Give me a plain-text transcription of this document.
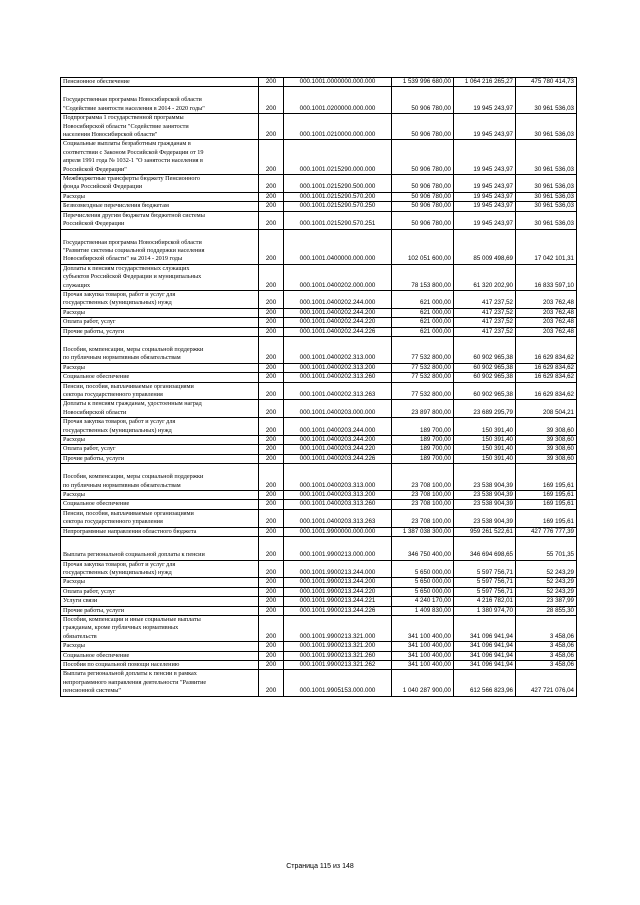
Пенсионное обеспечение	200	000.1001.0000000.000.000	1 539 996 680,00	1 064 216 265,27	475 780 414,73
Государственная программа Новосибирской области
"Содействие занятости населения в 2014 - 2020 годы"	200	000.1001.0200000.000.000	50 906 780,00	19 945 243,97	30 961 536,03
Подпрограмма 1 государственной программы
Новосибирской области "Содействие занятости
населения Новосибирской области"	200	000.1001.0210000.000.000	50 906 780,00	19 945 243,97	30 961 536,03
Социальные выплаты безработным гражданам в
соответствии с Законом Российской Федерации от 19
апреля 1991 года № 1032-1 "О занятости населения в
Российской Федерации"	200	000.1001.0215290.000.000	50 906 780,00	19 945 243,97	30 961 536,03
Межбюджетные трансферты бюджету Пенсионного
фонда Российской Федерации	200	000.1001.0215290.500.000	50 906 780,00	19 945 243,97	30 961 536,03
Расходы	200	000.1001.0215290.570.200	50 906 780,00	19 945 243,97	30 961 536,03
Безвозмездные перечисления бюджетам	200	000.1001.0215290.570.250	50 906 780,00	19 945 243,97	30 961 536,03
Перечисления другим бюджетам бюджетной системы
Российской Федерации	200	000.1001.0215290.570.251	50 906 780,00	19 945 243,97	30 961 536,03
Государственная программа Новосибирской области
"Развитие системы социальной поддержки населения
Новосибирской области" на 2014 - 2019 годы	200	000.1001.0400000.000.000	102 051 600,00	85 009 498,69	17 042 101,31
Доплаты к пенсиям государственных служащих
субъектов Российской Федерации и муниципальных
служащих	200	000.1001.0400202.000.000	78 153 800,00	61 320 202,90	16 833 597,10
Прочая закупка товаров, работ и услуг для
государственных (муниципальных) нужд	200	000.1001.0400202.244.000	621 000,00	417 237,52	203 762,48
Расходы	200	000.1001.0400202.244.200	621 000,00	417 237,52	203 762,48
Оплата работ, услуг	200	000.1001.0400202.244.220	621 000,00	417 237,52	203 762,48
Прочие работы, услуги	200	000.1001.0400202.244.226	621 000,00	417 237,52	203 762,48
Пособия, компенсации, меры социальной поддержки
по публичным нормативным обязательствам	200	000.1001.0400202.313.000	77 532 800,00	60 902 965,38	16 629 834,62
Расходы	200	000.1001.0400202.313.200	77 532 800,00	60 902 965,38	16 629 834,62
Социальное обеспечение	200	000.1001.0400202.313.260	77 532 800,00	60 902 965,38	16 629 834,62
Пенсии, пособия, выплачиваемые организациями
сектора государственного управления	200	000.1001.0400202.313.263	77 532 800,00	60 902 965,38	16 629 834,62
Доплаты к пенсиям гражданам, удостоенным наград
Новосибирской области	200	000.1001.0400203.000.000	23 897 800,00	23 689 295,79	208 504,21
Прочая закупка товаров, работ и услуг для
государственных (муниципальных) нужд	200	000.1001.0400203.244.000	189 700,00	150 391,40	39 308,60
Расходы	200	000.1001.0400203.244.200	189 700,00	150 391,40	39 308,60
Оплата работ, услуг	200	000.1001.0400203.244.220	189 700,00	150 391,40	39 308,60
Прочие работы, услуги	200	000.1001.0400203.244.226	189 700,00	150 391,40	39 308,60
Пособия, компенсации, меры социальной поддержки
по публичным нормативным обязательствам	200	000.1001.0400203.313.000	23 708 100,00	23 538 904,39	169 195,61
Расходы	200	000.1001.0400203.313.200	23 708 100,00	23 538 904,39	169 195,61
Социальное обеспечение	200	000.1001.0400203.313.260	23 708 100,00	23 538 904,39	169 195,61
Пенсии, пособия, выплачиваемые организациями
сектора государственного управления	200	000.1001.0400203.313.263	23 708 100,00	23 538 904,39	169 195,61
Непрограммные направления областного бюджета	200	000.1001.9900000.000.000	1 387 038 300,00	959 261 522,61	427 776 777,39
Выплата региональной социальной доплаты к пенсии	200	000.1001.9900213.000.000	346 750 400,00	346 694 698,65	55 701,35
Прочая закупка товаров, работ и услуг для
государственных (муниципальных) нужд	200	000.1001.9900213.244.000	5 650 000,00	5 597 756,71	52 243,29
Расходы	200	000.1001.9900213.244.200	5 650 000,00	5 597 756,71	52 243,29
Оплата работ, услуг	200	000.1001.9900213.244.220	5 650 000,00	5 597 756,71	52 243,29
Услуги связи	200	000.1001.9900213.244.221	4 240 170,00	4 216 782,01	23 387,99
Прочие работы, услуги	200	000.1001.9900213.244.226	1 409 830,00	1 380 974,70	28 855,30
Пособия, компенсации и иные социальные выплаты
гражданам, кроме публичных нормативных
обязательств	200	000.1001.9900213.321.000	341 100 400,00	341 096 941,94	3 458,06
Расходы	200	000.1001.9900213.321.200	341 100 400,00	341 096 941,94	3 458,06
Социальное обеспечение	200	000.1001.9900213.321.260	341 100 400,00	341 096 941,94	3 458,06
Пособия по социальной помощи населению	200	000.1001.9900213.321.262	341 100 400,00	341 096 941,94	3 458,06
Выплата региональной доплаты к пенсии в рамках
непрограммного направления деятельности "Развитие
пенсионной системы"	200	000.1001.9905153.000.000	1 040 287 900,00	612 566 823,96	427 721 076,04
Страница 115 из 148
